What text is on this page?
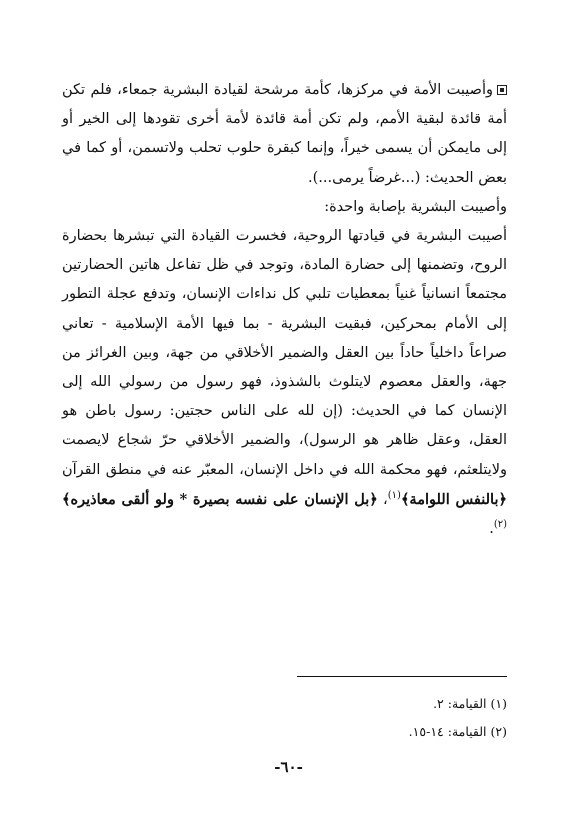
وأصيبت الأمة في مركزها، كأمة مرشحة لقيادة البشرية جمعاء، فلم تكن أمة قائدة لبقية الأمم، ولم تكن أمة قائدة لأمة أخرى تقودها إلى الخير أو إلى مايمكن أن يسمى خيراً، وإنما كبقرة حلوب تحلب ولاتسمن، أو كما في بعض الحديث: (...غرضاً يرمى...).

وأصيبت البشرية بإصابة واحدة:

أصيبت البشرية في قيادتها الروحية، فخسرت القيادة التي تبشرها بحضارة الروح، وتضمنها إلى حضارة المادة، وتوجد في ظل تفاعل هاتين الحضارتين مجتمعاً انسانياً غنياً بمعطيات تلبي كل نداءات الإنسان، وتدفع عجلة التطور إلى الأمام بمحركين، فبقيت البشرية - بما فيها الأمة الإسلامية - تعاني صراعاً داخلياً حاداً بين العقل والضمير الأخلاقي من جهة، وبين الغرائز من جهة، والعقل معصوم لايتلوث بالشذوذ، فهو رسول من رسولي الله إلى الإنسان كما في الحديث: (إن لله على الناس حجتين: رسول باطن هو العقل، وعقل ظاهر هو الرسول)، والضمير الأخلاقي حرّ شجاع لايصمت ولايتلعثم، فهو محكمة الله في داخل الإنسان، المعبّر عنه في منطق القرآن ﴿بالنفس اللوامة﴾$^{(١)}$، ﴿بل الإنسان على نفسه بصيرة * ولو ألقى معاذيره﴾$^{(٢)}$.

(١) القيامة: ٢.
(٢) القيامة: ١٤-١٥.
-٦٠-
